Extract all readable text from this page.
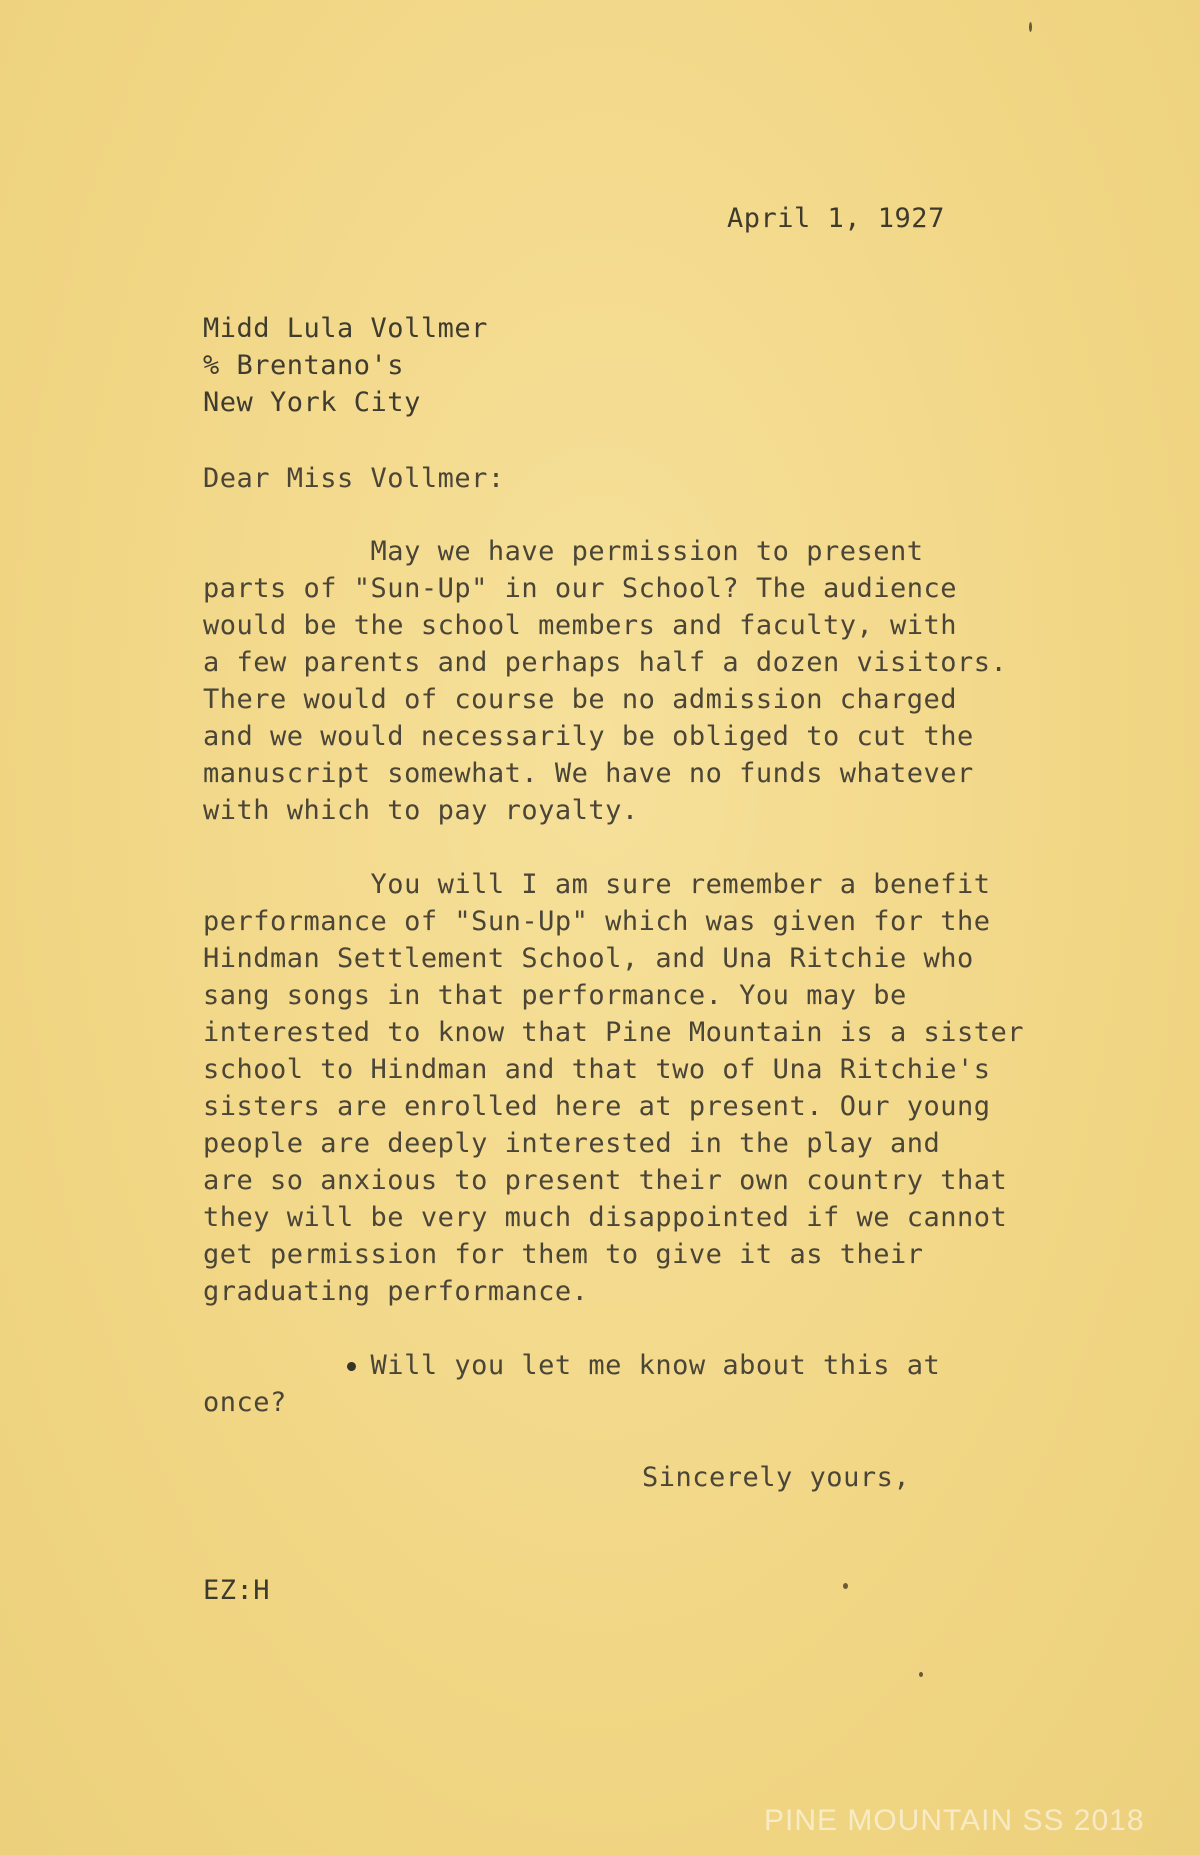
April 1, 1927
Midd Lula Vollmer
% Brentano's
New York City
Dear Miss Vollmer:
May we have permission to present
parts of "Sun-Up" in our School? The audience
would be the school members and faculty, with
a few parents and perhaps half a dozen visitors.
There would of course be no admission charged
and we would necessarily be obliged to cut the
manuscript somewhat. We have no funds whatever
with which to pay royalty.
You will I am sure remember a benefit
performance of "Sun-Up" which was given for the
Hindman Settlement School, and Una Ritchie who
sang songs in that performance. You may be
interested to know that Pine Mountain is a sister
school to Hindman and that two of Una Ritchie's
sisters are enrolled here at present. Our young
people are deeply interested in the play and
are so anxious to present their own country that
they will be very much disappointed if we cannot
get permission for them to give it as their
graduating performance.
Will you let me know about this at
once?
Sincerely yours,
EZ:H
PINE MOUNTAIN SS 2018
